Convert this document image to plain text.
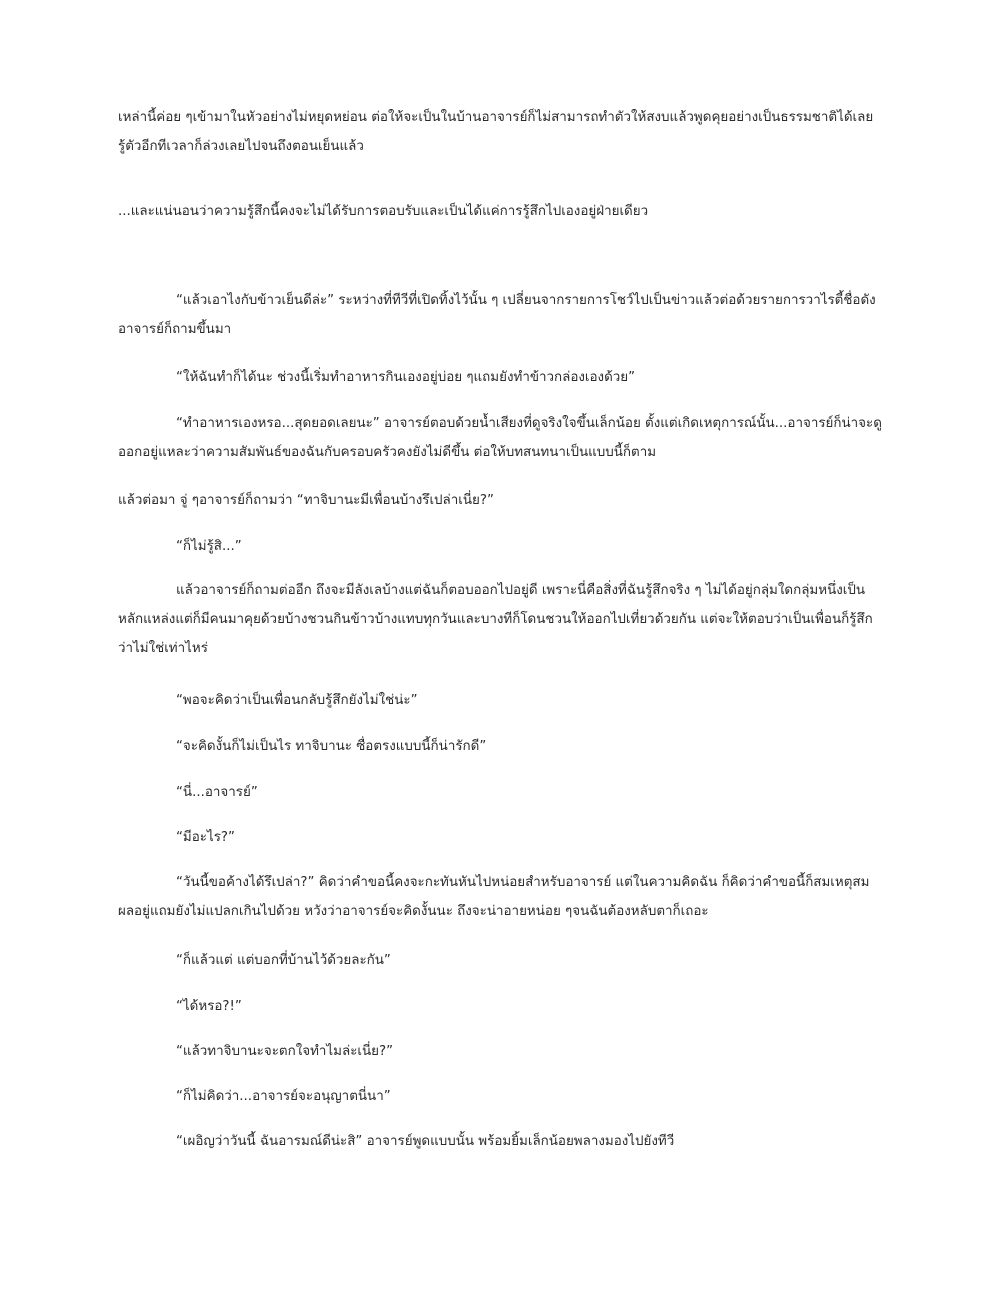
เหล่านี้ค่อย ๆเข้ามาในหัวอย่างไม่หยุดหย่อน ต่อให้จะเป็นในบ้านอาจารย์ก็ไม่สามารถทำตัวให้สงบแล้วพูดคุยอย่างเป็นธรรมชาติได้เลย รู้ตัวอีกทีเวลาก็ล่วงเลยไปจนถึงตอนเย็นแล้ว

...และแน่นอนว่าความรู้สึกนี้คงจะไม่ได้รับการตอบรับและเป็นได้แค่การรู้สึกไปเองอยู่ฝ่ายเดียว

“แล้วเอาไงกับข้าวเย็นดีล่ะ” ระหว่างที่ทีวีที่เปิดทิ้งไว้นั้น ๆ เปลี่ยนจากรายการโชว์ไปเป็นข่าวแล้วต่อด้วยรายการวาไรตี้ชื่อดัง อาจารย์ก็ถามขึ้นมา

“ให้ฉันทำก็ได้นะ ช่วงนี้เริ่มทำอาหารกินเองอยู่บ่อย ๆแถมยังทำข้าวกล่องเองด้วย”

“ทำอาหารเองหรอ...สุดยอดเลยนะ” อาจารย์ตอบด้วยน้ำเสียงที่ดูจริงใจขึ้นเล็กน้อย ตั้งแต่เกิดเหตุการณ์นั้น...อาจารย์ก็น่าจะดูออกอยู่แหละว่าความสัมพันธ์ของฉันกับครอบครัวคงยังไม่ดีขึ้น ต่อให้บทสนทนาเป็นแบบนี้ก็ตาม

แล้วต่อมา จู่ ๆอาจารย์ก็ถามว่า “ทาจิบานะมีเพื่อนบ้างรึเปล่าเนี่ย?”

“ก็ไม่รู้สิ...”

แล้วอาจารย์ก็ถามต่ออีก ถึงจะมีลังเลบ้างแต่ฉันก็ตอบออกไปอยู่ดี เพราะนี่คือสิ่งที่ฉันรู้สึกจริง ๆ ไม่ได้อยู่กลุ่มใดกลุ่มหนึ่งเป็นหลักแหล่งแต่ก็มีคนมาคุยด้วยบ้างชวนกินข้าวบ้างแทบทุกวันและบางทีก็โดนชวนให้ออกไปเที่ยวด้วยกัน แต่จะให้ตอบว่าเป็นเพื่อนก็รู้สึกว่าไม่ใช่เท่าไหร่

“พอจะคิดว่าเป็นเพื่อนกลับรู้สึกยังไม่ใช่น่ะ”

“จะคิดงั้นก็ไม่เป็นไร ทาจิบานะ ซื่อตรงแบบนี้ก็น่ารักดี”

“นี่...อาจารย์”

“มีอะไร?”

“วันนี้ขอค้างได้รึเปล่า?” คิดว่าคำขอนี้คงจะกะทันหันไปหน่อยสำหรับอาจารย์ แต่ในความคิดฉัน ก็คิดว่าคำขอนี้ก็สมเหตุสมผลอยู่แถมยังไม่แปลกเกินไปด้วย หวังว่าอาจารย์จะคิดงั้นนะ ถึงจะน่าอายหน่อย ๆจนฉันต้องหลับตาก็เถอะ

“ก็แล้วแต่ แต่บอกที่บ้านไว้ด้วยละกัน”

“ได้หรอ?!”

“แล้วทาจิบานะจะตกใจทำไมล่ะเนี่ย?”

“ก็ไม่คิดว่า...อาจารย์จะอนุญาตนี่นา”

“เผอิญว่าวันนี้ ฉันอารมณ์ดีน่ะสิ” อาจารย์พูดแบบนั้น พร้อมยิ้มเล็กน้อยพลางมองไปยังทีวี
